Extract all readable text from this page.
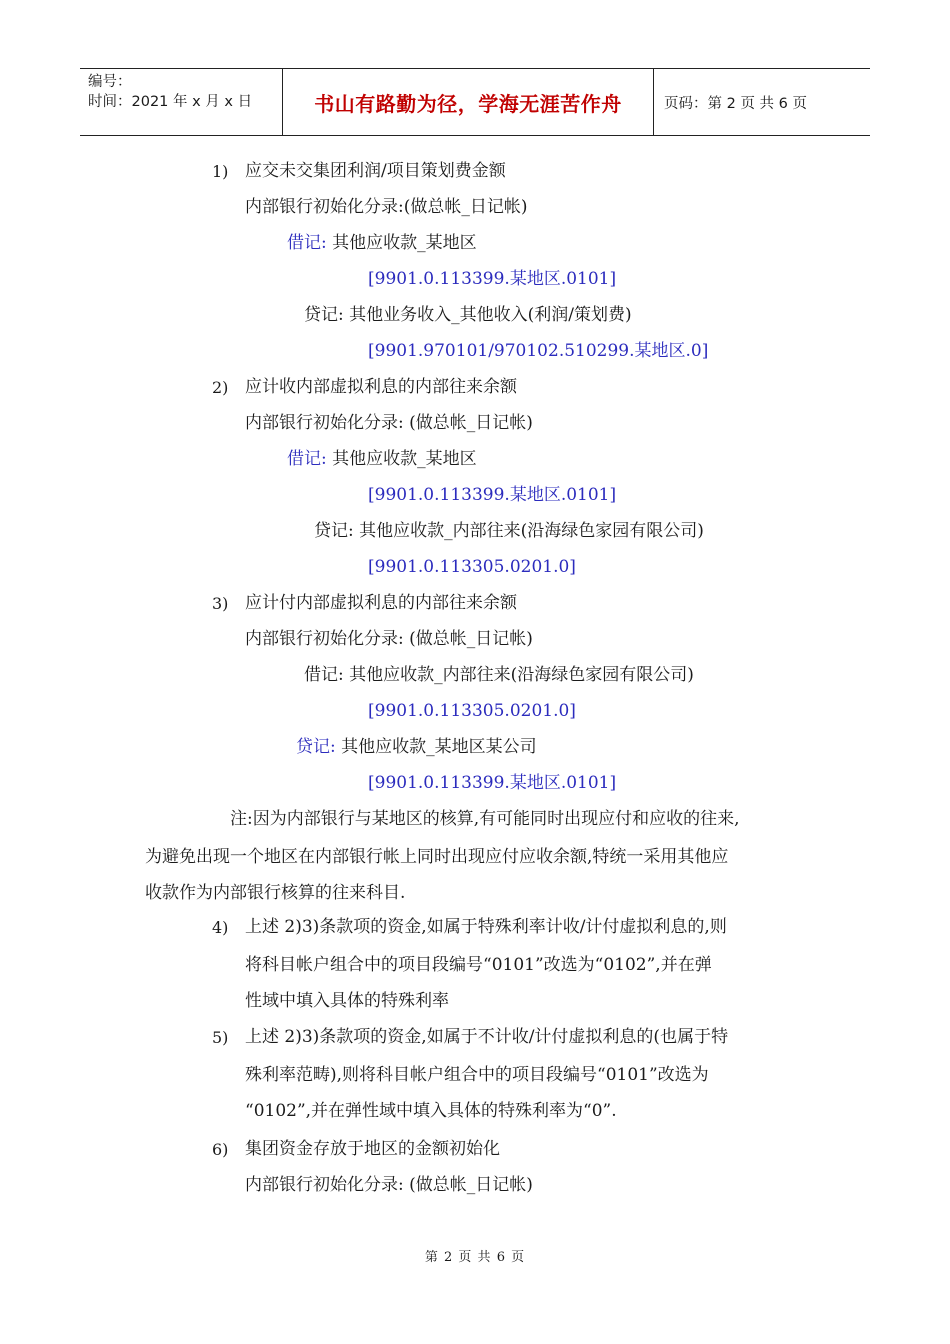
编号：
时间：2021 年 x 月 x 日	书山有路勤为径，学海无涯苦作舟	页码：第 2 页 共 6 页
1) 应交未交集团利润/项目策划费金额
内部银行初始化分录:(做总帐_日记帐)
借记: 其他应收款_某地区
[9901.0.113399.某地区.0101]
贷记: 其他业务收入_其他收入(利润/策划费)
[9901.970101/970102.510299.某地区.0]
2) 应计收内部虚拟利息的内部往来余额
内部银行初始化分录: (做总帐_日记帐)
借记: 其他应收款_某地区
[9901.0.113399.某地区.0101]
贷记: 其他应收款_内部往来(沿海绿色家园有限公司)
[9901.0.113305.0201.0]
3) 应计付内部虚拟利息的内部往来余额
内部银行初始化分录: (做总帐_日记帐)
借记: 其他应收款_内部往来(沿海绿色家园有限公司)
[9901.0.113305.0201.0]
贷记: 其他应收款_某地区某公司
[9901.0.113399.某地区.0101]
注:因为内部银行与某地区的核算,有可能同时出现应付和应收的往来,
为避免出现一个地区在内部银行帐上同时出现应付应收余额,特统一采用其他应
收款作为内部银行核算的往来科目.
4) 上述 2)3)条款项的资金,如属于特殊利率计收/计付虚拟利息的,则
将科目帐户组合中的项目段编号“0101”改选为“0102”,并在弹
性域中填入具体的特殊利率
5) 上述 2)3)条款项的资金,如属于不计收/计付虚拟利息的(也属于特
殊利率范畴),则将科目帐户组合中的项目段编号“0101”改选为
“0102”,并在弹性域中填入具体的特殊利率为“0”.
6) 集团资金存放于地区的金额初始化
内部银行初始化分录: (做总帐_日记帐)
第 2 页 共 6 页
